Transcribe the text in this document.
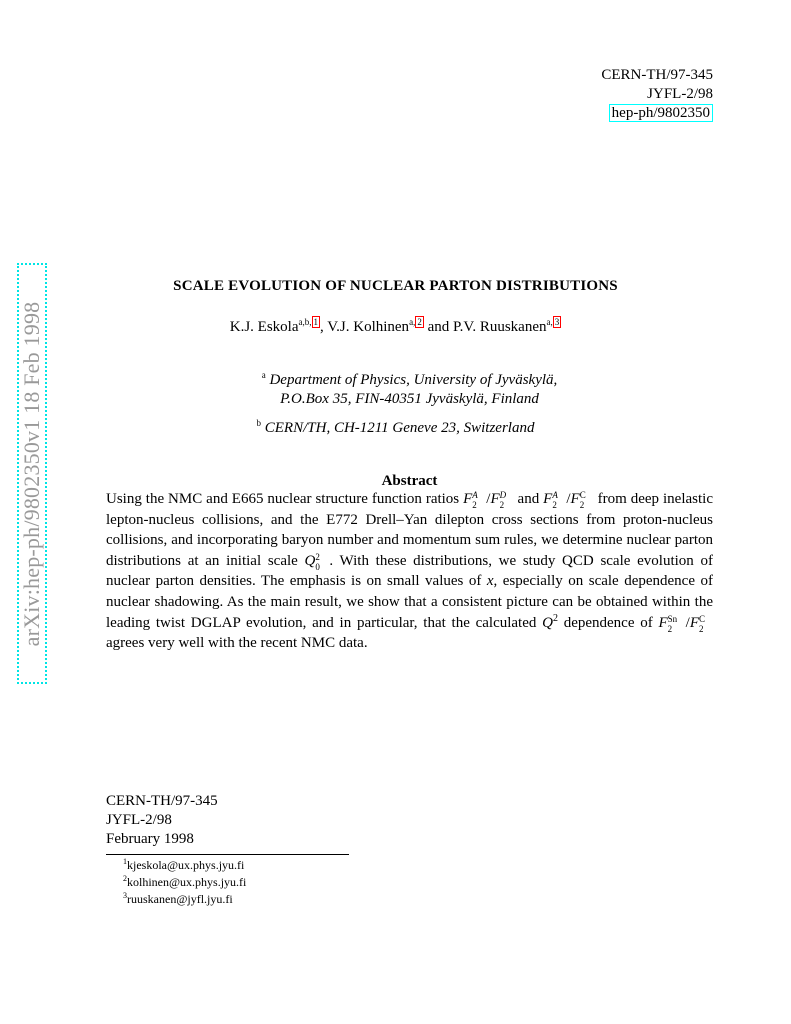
CERN-TH/97-345
JYFL-2/98
hep-ph/9802350
arXiv:hep-ph/9802350v1 18 Feb 1998
SCALE EVOLUTION OF NUCLEAR PARTON DISTRIBUTIONS
K.J. Eskola$^{a,b,}$ 1 , V.J. Kolhinen$^{a,}$ 2 and P.V. Ruuskanen$^{a,}$ 3
$^a$ Department of Physics, University of Jyväskylä,
P.O.Box 35, FIN-40351 Jyväskylä, Finland
$^b$ CERN/TH, CH-1211 Geneve 23, Switzerland
Abstract
Using the NMC and E665 nuclear structure function ratios F A
2 /F D
2 and F A
2 /F C
2 from deep inelastic lepton-nucleus collisions, and the E772 Drell–Yan dilepton cross sections from proton-nucleus collisions, and incorporating baryon number and momentum sum rules, we determine nuclear parton distributions at an initial scale Q 2
0 . With these distributions, we study QCD scale evolution of nuclear parton densities. The emphasis is on small values of x, especially on scale dependence of nuclear shadowing. As the main result, we show that a consistent picture can be obtained within the leading twist DGLAP evolution, and in particular, that the calculated $Q^2$ dependence of F Sn
2 /F C
2
agrees very well with the recent NMC data.
CERN-TH/97-345
JYFL-2/98
February 1998
$^1$kjeskola@ux.phys.jyu.fi
$^2$kolhinen@ux.phys.jyu.fi
$^3$ruuskanen@jyfl.jyu.fi
